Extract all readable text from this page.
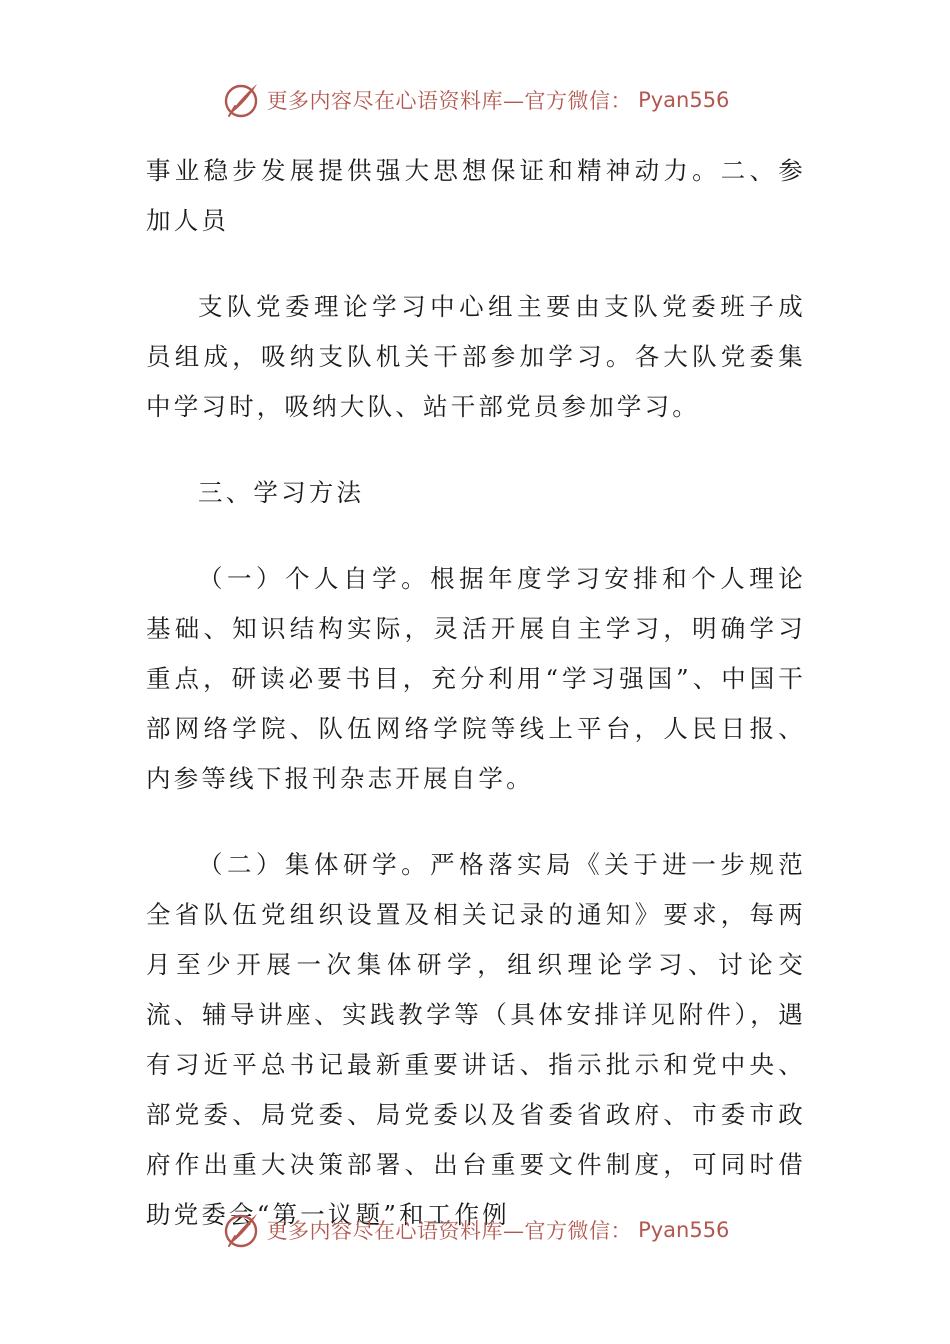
更多内容尽在心语资料库—官方微信： Pyan556

事业稳步发展提供强大思想保证和精神动力。二、参加人员

支队党委理论学习中心组主要由支队党委班子成员组成，吸纳支队机关干部参加学习。各大队党委集中学习时，吸纳大队、站干部党员参加学习。

三、学习方法

（一）个人自学。根据年度学习安排和个人理论基础、知识结构实际，灵活开展自主学习，明确学习重点，研读必要书目，充分利用“学习强国”、中国干部网络学院、队伍网络学院等线上平台，人民日报、内参等线下报刊杂志开展自学。

（二）集体研学。严格落实局《关于进一步规范全省队伍党组织设置及相关记录的通知》要求，每两月至少开展一次集体研学，组织理论学习、讨论交流、辅导讲座、实践教学等（具体安排详见附件），遇有习近平总书记最新重要讲话、指示批示和党中央、部党委、局党委、局党委以及省委省政府、市委市政府作出重大决策部署、出台重要文件制度，可同时借助党委会“第一议题”和工作例

更多内容尽在心语资料库—官方微信： Pyan556
